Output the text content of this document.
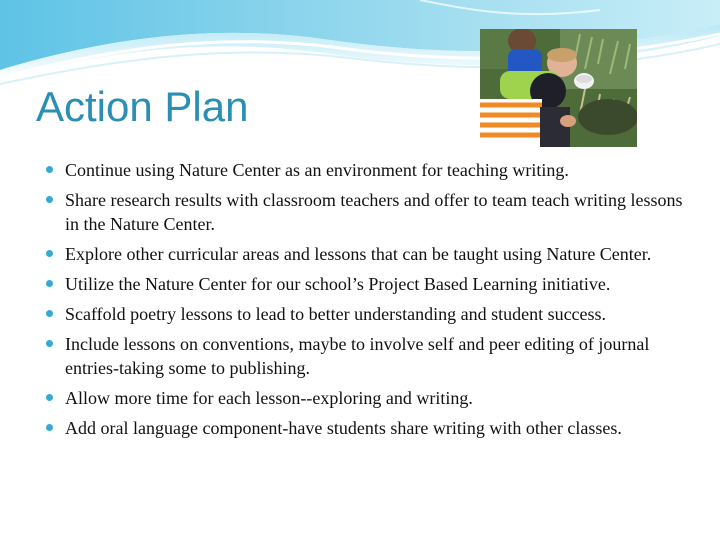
Action Plan
Continue using Nature Center as an environment for teaching writing.
Share research results with classroom teachers and offer to team teach writing lessons in the Nature Center.
Explore other curricular areas and lessons that can be taught using Nature Center.
Utilize the Nature Center for our school’s Project Based Learning initiative.
Scaffold poetry lessons to lead to better understanding and student success.
Include lessons on conventions, maybe to involve self and peer editing of journal entries-taking some to publishing.
Allow more time for each lesson--exploring and writing.
Add oral language component-have students share writing with other classes.
